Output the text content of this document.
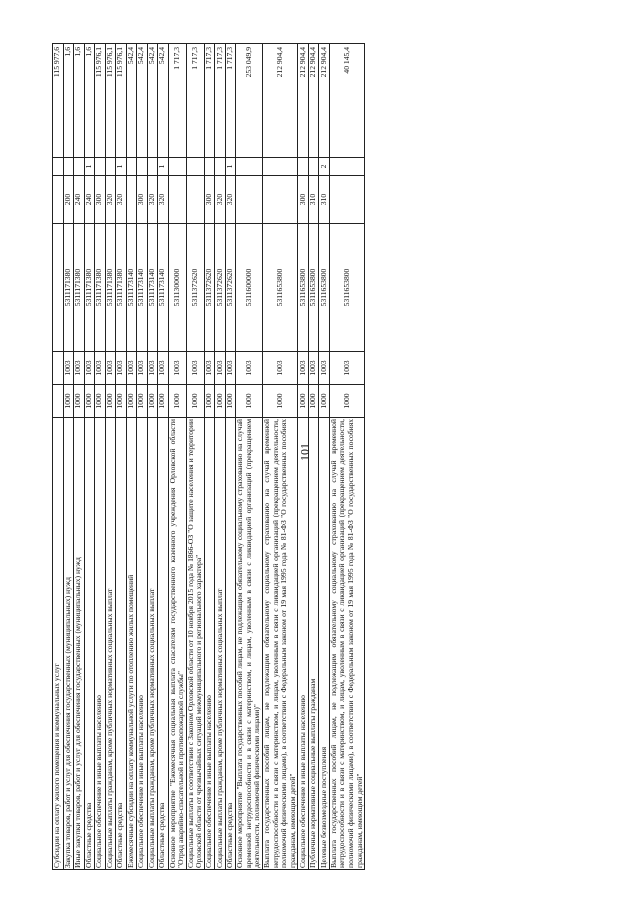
101
Субсидии на оплату жилого помещения и коммунальных услуг						115 977,6
Закупка товаров, работ и услуг для обеспечения государственных (муниципальных) нужд	1000	1003	5311171380	200		1,6
Иные закупки товаров, работ и услуг для обеспечения государственных (муниципальных) нужд	1000	1003	5311171380	240		1,6
Областные средства	1000	1003	5311171380	240	1	1,6
Социальное обеспечение и иные выплаты населению	1000	1003	5311171380	300		115 976,1
Социальные выплаты гражданам, кроме публичных нормативных социальных выплат	1000	1003	5311171380	320		115 976,1
Областные средства	1000	1003	5311171380	320	1	115 976,1
Ежемесячные субсидии на оплату коммунальной услуги по отоплению жилых помещений	1000	1003	5311173140			542,4
Социальное обеспечение и иные выплаты населению	1000	1003	5311173140	300		542,4
Социальные выплаты гражданам, кроме публичных нормативных социальных выплат	1000	1003	5311173140	320		542,4
Областные средства	1000	1003	5311173140	320	1	542,4
Основное мероприятие "Ежемесячная социальная выплата спасателям государственного казенного учреждения Орловской области "Отряд аварийно-спасательной и противопожарной службы"	1000	1003	5311300000			1 717,3
Социальные выплаты в соответствии с Законом Орловской области от 10 ноября 2015 года № 1866-ОЗ "О защите населения и территории Орловской области от чрезвычайных ситуаций межмуниципального и регионального характера"	1000	1003	5311372620			1 717,3
Социальное обеспечение и иные выплаты населению	1000	1003	5311372620	300		1 717,3
Социальные выплаты гражданам, кроме публичных нормативных социальных выплат	1000	1003	5311372620	320		1 717,3
Областные средства	1000	1003	5311372620	320	1	1 717,3
Основное мероприятие "Выплата государственных пособий лицам, не подлежащим обязательному социальному страхованию на случай временной нетрудоспособности и в связи с материнством, и лицам, уволенным в связи с ликвидацией организаций (прекращением деятельности, полномочий физическими лицами)"	1000	1003	5311600000			253 049,9
Выплата государственных пособий лицам, не подлежащим обязательному социальному страхованию на случай временной нетрудоспособности и в связи с материнством, и лицам, уволенным в связи с ликвидацией организаций (прекращением деятельности, полномочий физическими лицами), в соответствии с Федеральным законом от 19 мая 1995 года № 81-ФЗ "О государственных пособиях гражданам, имеющим детей"	1000	1003	5311653800			212 904,4
Социальное обеспечение и иные выплаты населению	1000	1003	5311653800	300		212 904,4
Публичные нормативные социальные выплаты гражданам	1000	1003	5311653800	310		212 904,4
Целевые безвозмездные поступления	1000	1003	5311653800	310	2	212 904,4
Выплата государственных пособий лицам, не подлежащим обязательному социальному страхованию на случай временной нетрудоспособности и в связи с материнством, и лицам, уволенным в связи с ликвидацией организаций (прекращением деятельности, полномочий физическими лицами), в соответствии с Федеральным законом от 19 мая 1995 года № 81-ФЗ "О государственных пособиях гражданам, имеющим детей"	1000	1003	5311653800			40 145,4
